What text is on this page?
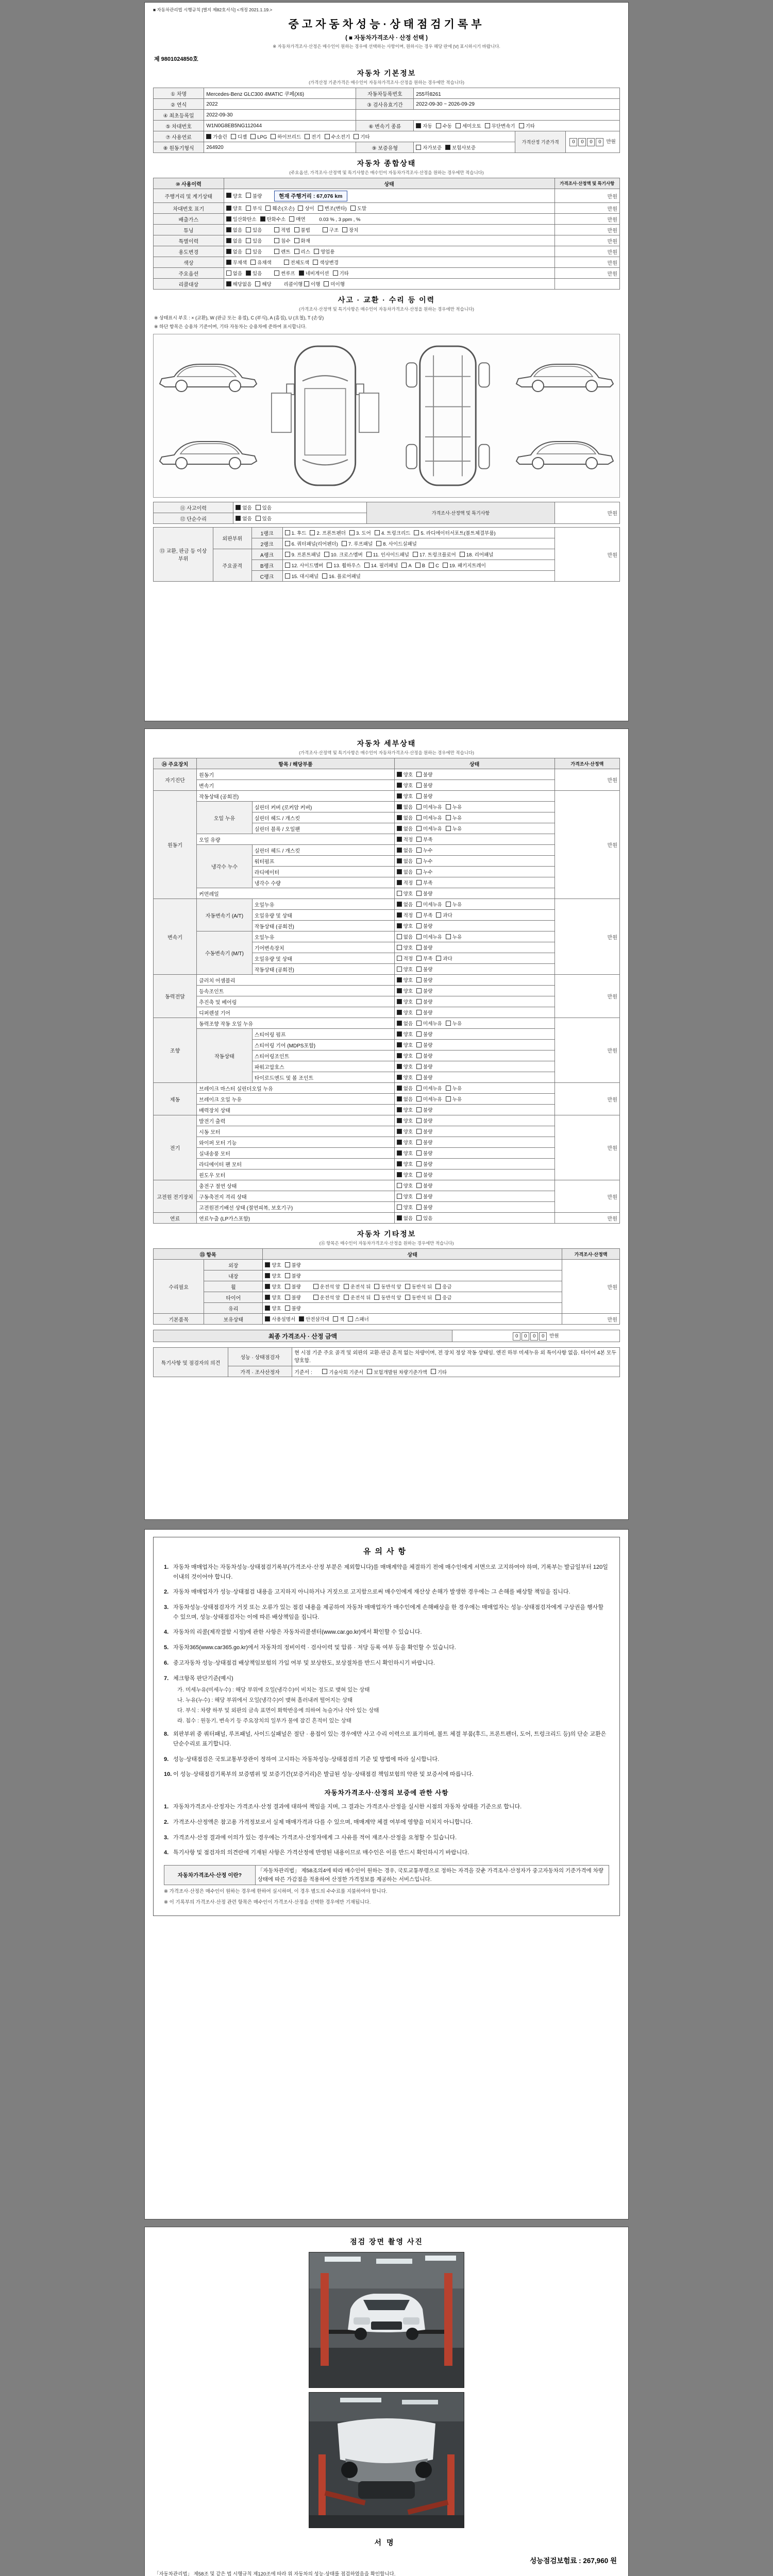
■ 자동차관리법 시행규칙 [별지 제82호서식] <개정 2021.1.19.>
중고자동차성능·상태점검기록부
( ■ 자동차가격조사 · 산정 선택 )
※ 자동차가격조사·산정은 매수인이 원하는 경우에 선택하는 사항이며, 원하시는 경우 해당 란에 [V] 표시하시기 바랍니다.
제 9801024850호
자동차 기본정보
(가격산정 기준가격은 매수인이 자동차가격조사·산정을 원하는 경우에만 적습니다)
① 차명	Mercedes-Benz GLC300 4MATIC 쿠페(X6)	자동차등록번호	255하8261		
② 연식	2022	③ 검사유효기간	2022-09-30 ~ 2026-09-29		
④ 최초등록일	2022-09-30				
⑤ 차대번호	W1N0G8EB5NG112044	⑥ 변속기 종류	자동 수동 세미오토 무단변속기 기타		
⑦ 사용연료	가솔린 디젤 LPG 하이브리드 전기 수소전기 기타			가격산정 기준가격	0 0 0 0 만원
⑧ 원동기형식	264920	⑨ 보증유형	자가보증 보험사보증		
자동차 종합상태
(주요옵션, 가격조사·산정액 및 특기사항은 매수인이 자동차가격조사·산정을 원하는 경우에만 적습니다)
⑩ 사용이력	상태	가격조사·산정액 및 특기사항
주행거리 및 계기상태	양호 불량 현재 주행거리 : 67,076 km	만원
차대번호 표기	양호 부식 훼손(오손) 상이 변조(변타) 도말	만원
배출가스	일산화탄소 탄화수소 매연 0.03 % , 3 ppm , %	만원
튜닝	없음 있음 적법 불법 구조 장치	만원
특별이력	없음 있음 침수 화재	만원
용도변경	없음 있음 렌트 리스 영업용	만원
색상	무채색 유채색 전체도색 색상변경	만원
주요옵션	없음 있음 썬루프 네비게이션 기타	만원
리콜대상	해당없음 해당 리콜이행 이행 미이행	
사고 · 교환 · 수리 등 이력
(가격조사·산정액 및 특기사항은 매수인이 자동차가격조사·산정을 원하는 경우에만 적습니다)
※ 상태표시 부호 : × (교환), W (판금 또는 용접), C (부식), A (흠집), U (요철), T (손상)
※ 하단 항목은 승용차 기준이며, 기타 자동차는 승용차에 준하여 표시합니다.
⑪ 사고이력	없음 있음	가격조사·산정액 및 특기사항	만원
⑫ 단순수리	없음 있음		
⑬ 교환, 판금 등 이상 부위	외판부위	1랭크	1. 후드 2. 프론트펜더 3. 도어 4. 트렁크리드 5. 라디에이터서포트(볼트체결부품)	만원
		2랭크	6. 쿼터패널(리어펜더) 7. 루프패널 8. 사이드실패널	
	주요골격	A랭크	9. 프론트패널 10. 크로스멤버 11. 인사이드패널 17. 트렁크플로어 18. 리어패널	
		B랭크	12. 사이드멤버 13. 휠하우스 14. 필러패널 A B C 19. 패키지트레이	
		C랭크	15. 대시패널 16. 플로어패널	
자동차 세부상태
(가격조사·산정액 및 특기사항은 매수인이 자동차가격조사·산정을 원하는 경우에만 적습니다)
⑭ 주요장치	항목 / 해당부품		상태	가격조사·산정액
자기진단	원동기		양호 불량	만원
	변속기		양호 불량	
원동기	작동상태 (공회전)		양호 불량	만원
	오일 누유	실린더 커버 (로커암 커버)	없음 미세누유 누유	
		실린더 헤드 / 개스킷	없음 미세누유 누유	
		실린더 블록 / 오일팬	없음 미세누유 누유	
	오일 유량		적정 부족	
	냉각수 누수	실린더 헤드 / 개스킷	없음 누수	
		워터펌프	없음 누수	
		라디에이터	없음 누수	
		냉각수 수량	적정 부족	
	커먼레일		양호 불량	
변속기	자동변속기 (A/T)	오일누유	없음 미세누유 누유	만원
		오일유량 및 상태	적정 부족 과다	
		작동상태 (공회전)	양호 불량	
	수동변속기 (M/T)	오일누유	없음 미세누유 누유	
		기어변속장치	양호 불량	
		오일유량 및 상태	적정 부족 과다	
		작동상태 (공회전)	양호 불량	
동력전달	클러치 어셈블리		양호 불량	만원
	등속조인트		양호 불량	
	추진축 및 베어링		양호 불량	
	디퍼렌셜 기어		양호 불량	
조향	동력조향 작동 오일 누유		없음 미세누유 누유	만원
	작동상태	스티어링 펌프	양호 불량	
		스티어링 기어 (MDPS포함)	양호 불량	
		스티어링조인트	양호 불량	
		파워고압호스	양호 불량	
		타이로드엔드 및 볼 조인트	양호 불량	
제동	브레이크 마스터 실린더오일 누유		없음 미세누유 누유	만원
	브레이크 오일 누유		없음 미세누유 누유	
	배력장치 상태		양호 불량	
전기	발전기 출력		양호 불량	만원
	시동 모터		양호 불량	
	와이퍼 모터 기능		양호 불량	
	실내송풍 모터		양호 불량	
	라디에이터 팬 모터		양호 불량	
	윈도우 모터		양호 불량	
고전원 전기장치	충전구 절연 상태		양호 불량	만원
	구동축전지 격리 상태		양호 불량	
	고전원전기배선 상태 (절연피복, 보호기구)		양호 불량	
연료	연료누출 (LP가스포함)		없음 있음	만원
자동차 기타정보
(⑮ 항목은 매수인이 자동차가격조사·산정을 원하는 경우에만 적습니다)
⑮ 항목		상태	가격조사·산정액
수리필요	외장	양호 불량	만원
	내장	양호 불량	
	휠	양호 불량 운전석 앞 운전석 뒤 동반석 앞 동반석 뒤 응급	
	타이어	양호 불량 운전석 앞 운전석 뒤 동반석 앞 동반석 뒤 응급	
	유리	양호 불량	
기본품목	보유상태	사용설명서 안전삼각대 잭 스패너	만원
최종 가격조사 · 산정 금액	0 0 0 0 만원
특기사항 및 점검자의 의견	성능 · 상태점검자	현 시점 기준 주요 골격 및 외판의 교환·판금 흔적 없는 차량이며, 전 장치 정상 작동 상태임. 엔진 하부 미세누유 외 특이사항 없음. 타이어 4본 모두 양호함.
	가격 · 조사산정자	기준서 : 기술사회 기준서 보험개발원 차량기준가액 기타
유의사항
1. 자동차 매매업자는 자동차성능·상태점검기록부(가격조사·산정 부분은 제외합니다)를 매매계약을 체결하기 전에 매수인에게 서면으로 고지하여야 하며, 기록부는 발급일부터 120일 이내의 것이어야 합니다.
2. 자동차 매매업자가 성능·상태점검 내용을 고지하지 아니하거나 거짓으로 고지함으로써 매수인에게 재산상 손해가 발생한 경우에는 그 손해를 배상할 책임을 집니다.
3. 자동차성능·상태점검자가 거짓 또는 오류가 있는 점검 내용을 제공하여 자동차 매매업자가 매수인에게 손해배상을 한 경우에는 매매업자는 성능·상태점검자에게 구상권을 행사할 수 있으며, 성능·상태점검자는 이에 따른 배상책임을 집니다.
4. 자동차의 리콜(제작결함 시정)에 관한 사항은 자동차리콜센터(www.car.go.kr)에서 확인할 수 있습니다.
5. 자동차365(www.car365.go.kr)에서 자동차의 정비이력 · 검사이력 및 압류 · 저당 등록 여부 등을 확인할 수 있습니다.
6. 중고자동차 성능·상태점검 배상책임보험의 가입 여부 및 보상한도, 보상절차를 반드시 확인하시기 바랍니다.
7. 체크항목 판단기준(예시)
가. 미세누유(미세누수) : 해당 부위에 오일(냉각수)이 비치는 정도로 맺혀 있는 상태
나. 누유(누수) : 해당 부위에서 오일(냉각수)이 맺혀 흘러내려 떨어지는 상태
다. 부식 : 차량 하부 및 외판의 금속 표면이 화학반응에 의하여 녹슬거나 삭아 있는 상태
라. 침수 : 원동기, 변속기 등 주요장치의 일부가 물에 잠긴 흔적이 있는 상태
8. 외판부위 중 쿼터패널, 루프패널, 사이드실패널은 절단 · 용접이 있는 경우에만 사고 수리 이력으로 표기하며, 볼트 체결 부품(후드, 프론트펜더, 도어, 트렁크리드 등)의 단순 교환은 단순수리로 표기합니다.
9. 성능·상태점검은 국토교통부장관이 정하여 고시하는 자동차성능·상태점검의 기준 및 방법에 따라 실시합니다.
10. 이 성능·상태점검기록부의 보증범위 및 보증기간(보증거리)은 발급된 성능·상태점검 책임보험의 약관 및 보증서에 따릅니다.
자동차가격조사·산정의 보증에 관한 사항
1. 자동차가격조사·산정자는 가격조사·산정 결과에 대하여 책임을 지며, 그 결과는 가격조사·산정을 실시한 시점의 자동차 상태를 기준으로 합니다.
2. 가격조사·산정액은 참고용 가격정보로서 실제 매매가격과 다를 수 있으며, 매매계약 체결 여부에 영향을 미치지 아니합니다.
3. 가격조사·산정 결과에 이의가 있는 경우에는 가격조사·산정자에게 그 사유를 적어 재조사·산정을 요청할 수 있습니다.
4. 특기사항 및 점검자의 의견란에 기재된 사항은 가격산정에 반영된 내용이므로 매수인은 이를 반드시 확인하시기 바랍니다.
자동차가격조사·산정 이란?	「자동차관리법」 제58조의4에 따라 매수인이 원하는 경우, 국토교통부령으로 정하는 자격을 갖춘 가격조사·산정자가 중고자동차의 기준가격에 차량 상태에 따른 가감점을 적용하여 산정한 가격정보를 제공하는 서비스입니다.
※ 가격조사·산정은 매수인이 원하는 경우에 한하여 실시하며, 이 경우 별도의 수수료를 지불하여야 합니다.
※ 이 기록부의 가격조사·산정 관련 항목은 매수인이 가격조사·산정을 선택한 경우에만 기재됩니다.
점검 장면 촬영 사진
서명
성능점검보험료 : 267,960 원
「자동차관리법」 제58조 및 같은 법 시행규칙 제120조에 따라 위 자동차의 성능·상태를 점검하였음을 확인합니다.
